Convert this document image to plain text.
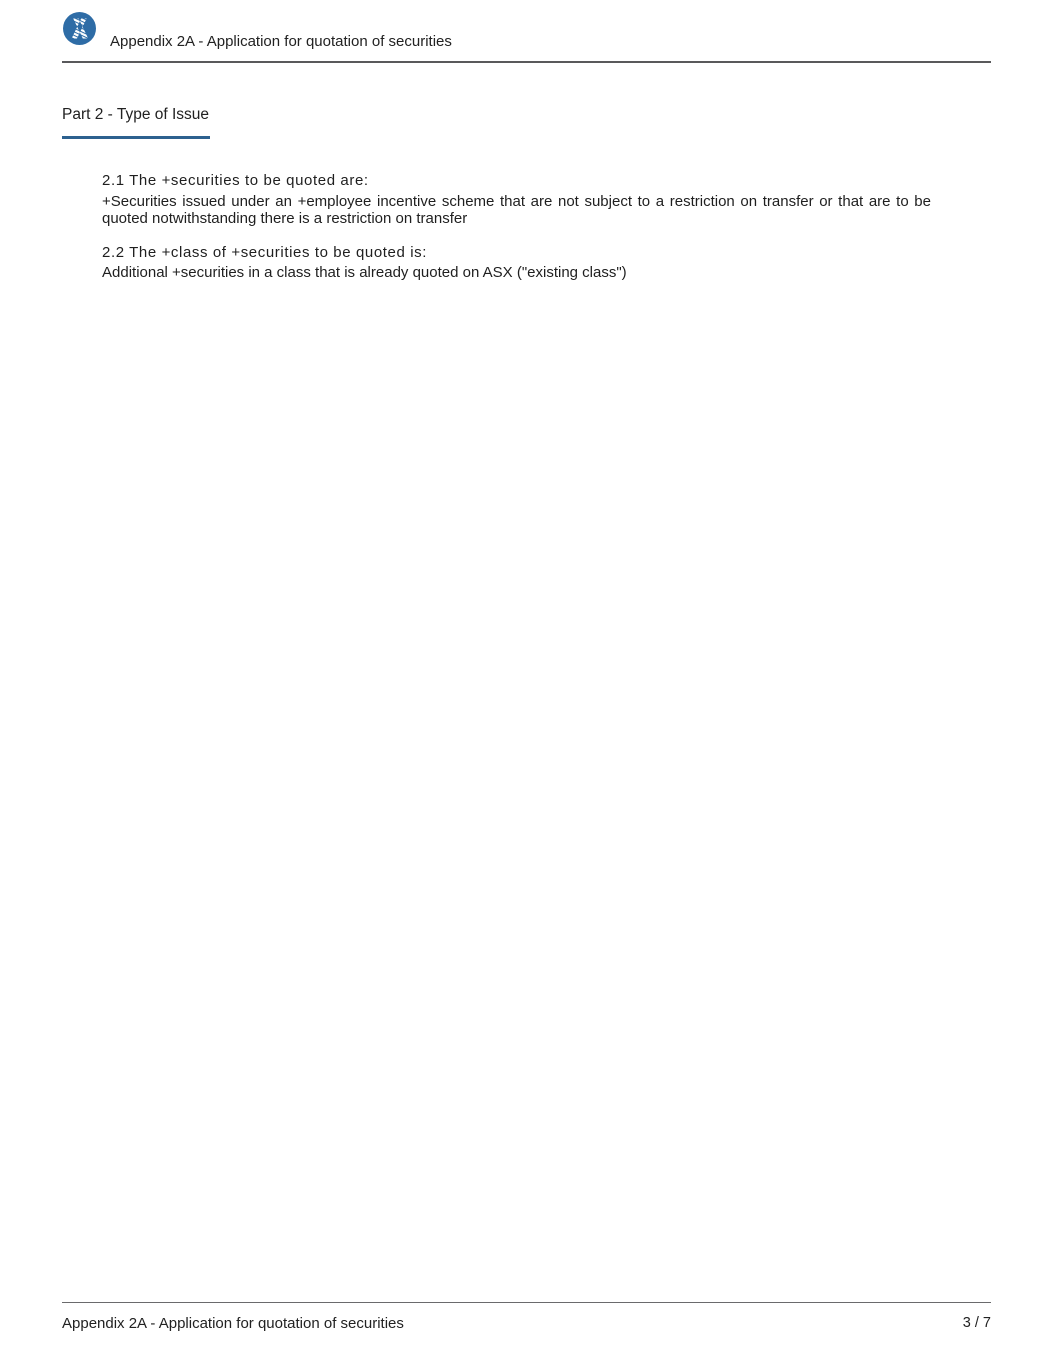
Appendix 2A - Application for quotation of securities
Part 2 - Type of Issue
2.1 The +securities to be quoted are:
+Securities issued under an +employee incentive scheme that are not subject to a restriction on transfer or that are to be
quoted notwithstanding there is a restriction on transfer
2.2 The +class of +securities to be quoted is:
Additional +securities in a class that is already quoted on ASX ("existing class")
Appendix 2A - Application for quotation of securities	3 / 7
